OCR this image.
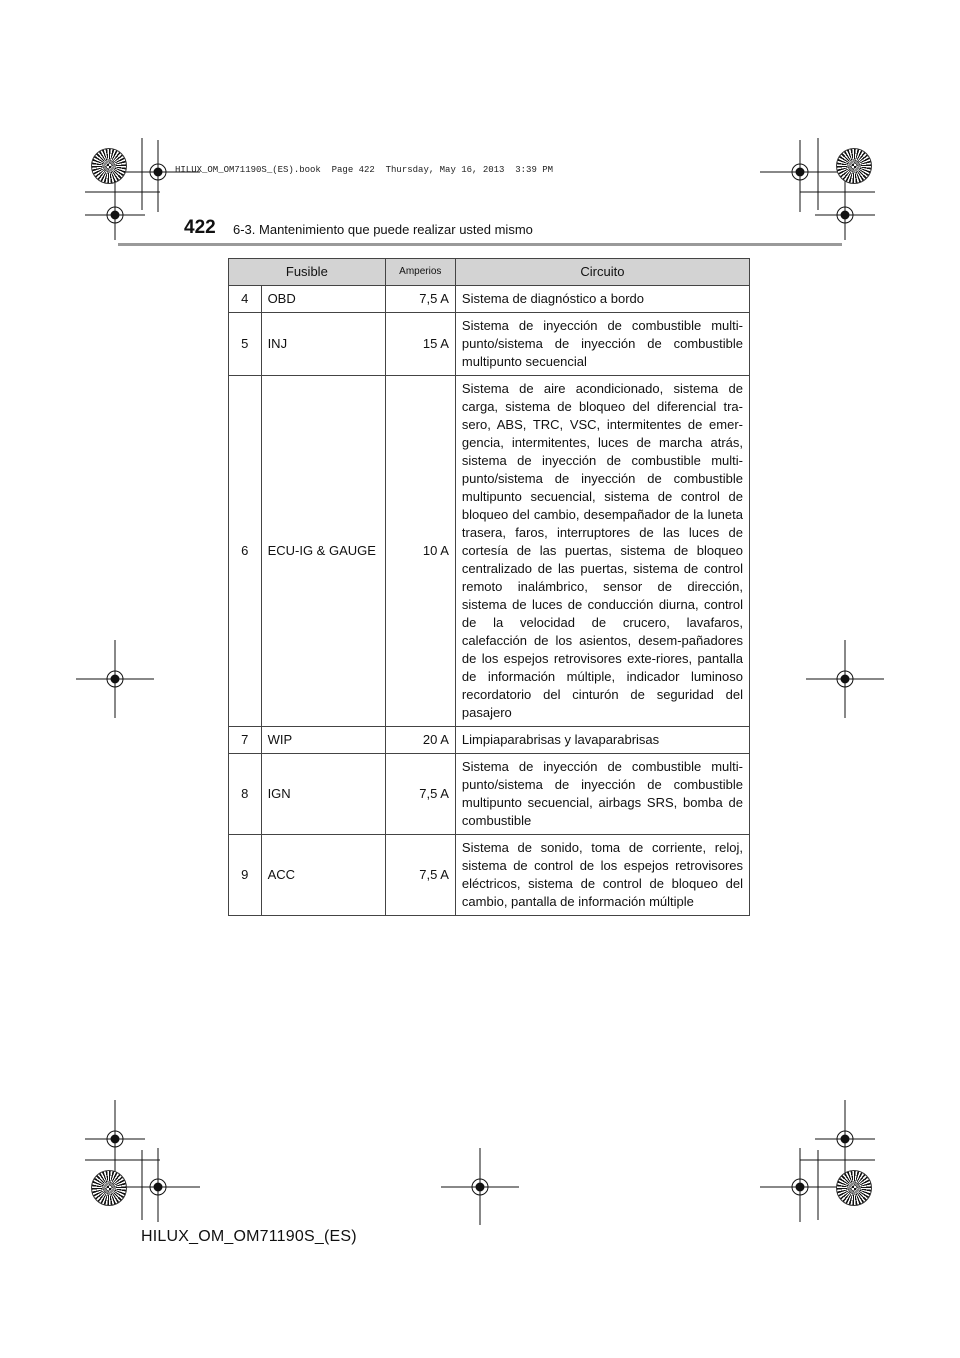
HILUX_OM_OM71190S_(ES).book  Page 422  Thursday, May 16, 2013  3:39 PM
422 6-3. Mantenimiento que puede realizar usted mismo
Fusible		Amperios	Circuito
4	OBD	7,5 A	Sistema de diagnóstico a bordo
5	INJ	15 A	Sistema de inyección de combustible multi-punto/sistema de inyección de combustible multipunto secuencial
6	ECU-IG & GAUGE	10 A	Sistema de aire acondicionado, sistema de carga, sistema de bloqueo del diferencial tra-sero, ABS, TRC, VSC, intermitentes de emer-gencia, intermitentes, luces de marcha atrás, sistema de inyección de combustible multi-punto/sistema de inyección de combustible multipunto secuencial, sistema de control de bloqueo del cambio, desempañador de la luneta trasera, faros, interruptores de las luces de cortesía de las puertas, sistema de bloqueo centralizado de las puertas, sistema de control remoto inalámbrico, sensor de dirección, sistema de luces de conducción diurna, control de la velocidad de crucero, lavafaros, calefacción de los asientos, desem-pañadores de los espejos retrovisores exte-riores, pantalla de información múltiple, indicador luminoso recordatorio del cinturón de seguridad del pasajero
7	WIP	20 A	Limpiaparabrisas y lavaparabrisas
8	IGN	7,5 A	Sistema de inyección de combustible multi-punto/sistema de inyección de combustible multipunto secuencial, airbags SRS, bomba de combustible
9	ACC	7,5 A	Sistema de sonido, toma de corriente, reloj, sistema de control de los espejos retrovisores eléctricos, sistema de control de bloqueo del cambio, pantalla de información múltiple
HILUX_OM_OM71190S_(ES)
